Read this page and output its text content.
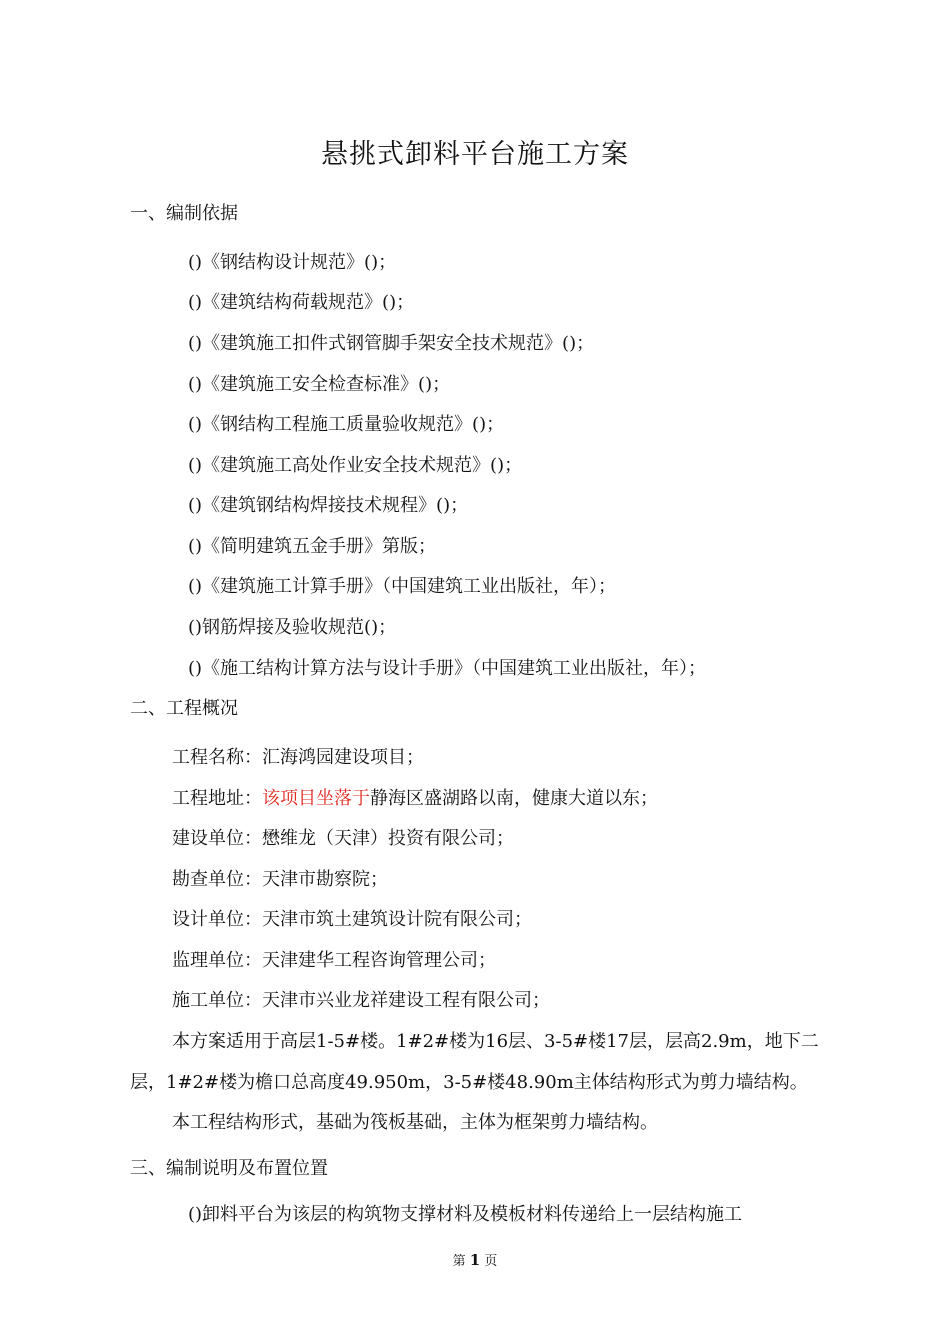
悬挑式卸料平台施工方案
一、编制依据
()《钢结构设计规范》()；
()《建筑结构荷载规范》()；
()《建筑施工扣件式钢管脚手架安全技术规范》()；
()《建筑施工安全检查标准》()；
()《钢结构工程施工质量验收规范》()；
()《建筑施工高处作业安全技术规范》()；
()《建筑钢结构焊接技术规程》()；
()《简明建筑五金手册》第版；
()《建筑施工计算手册》（中国建筑工业出版社，年）；
()钢筋焊接及验收规范()；
()《施工结构计算方法与设计手册》（中国建筑工业出版社，年）；
二、工程概况
工程名称：汇海鸿园建设项目；
工程地址：该项目坐落于静海区盛湖路以南，健康大道以东；
建设单位：懋维龙（天津）投资有限公司；
勘查单位：天津市勘察院；
设计单位：天津市筑土建筑设计院有限公司；
监理单位：天津建华工程咨询管理公司；
施工单位：天津市兴业龙祥建设工程有限公司；
本方案适用于高层1-5#楼。1#2#楼为16层、3-5#楼17层，层高2.9m，地下二
层，1#2#楼为檐口总高度49.950m，3-5#楼48.90m主体结构形式为剪力墙结构。
本工程结构形式，基础为筏板基础，主体为框架剪力墙结构。
三、编制说明及布置位置
()卸料平台为该层的构筑物支撑材料及模板材料传递给上一层结构施工
第 1 页
